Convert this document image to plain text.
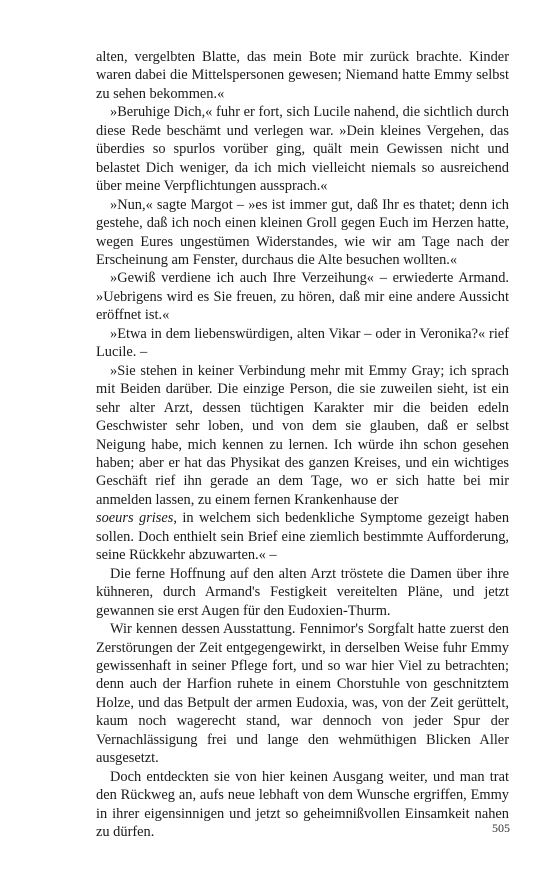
alten, vergelbten Blatte, das mein Bote mir zurück brachte. Kinder waren dabei die Mittelspersonen gewesen; Niemand hatte Emmy selbst zu sehen bekommen.«

»Beruhige Dich,« fuhr er fort, sich Lucile nahend, die sichtlich durch diese Rede beschämt und verlegen war. »Dein kleines Vergehen, das überdies so spurlos vorüber ging, quält mein Gewissen nicht und belastet Dich weniger, da ich mich vielleicht niemals so ausreichend über meine Verpflichtungen aussprach.«

»Nun,« sagte Margot – »es ist immer gut, daß Ihr es thatet; denn ich gestehe, daß ich noch einen kleinen Groll gegen Euch im Herzen hatte, wegen Eures ungestümen Widerstandes, wie wir am Tage nach der Erscheinung am Fenster, durchaus die Alte besuchen wollten.«

»Gewiß verdiene ich auch Ihre Verzeihung« – erwiederte Armand. »Uebrigens wird es Sie freuen, zu hören, daß mir eine andere Aussicht eröffnet ist.«

»Etwa in dem liebenswürdigen, alten Vikar – oder in Veronika?« rief Lucile. –

»Sie stehen in keiner Verbindung mehr mit Emmy Gray; ich sprach mit Beiden darüber. Die einzige Person, die sie zuweilen sieht, ist ein sehr alter Arzt, dessen tüchtigen Karakter mir die beiden edeln Geschwister sehr loben, und von dem sie glauben, daß er selbst Neigung habe, mich kennen zu lernen. Ich würde ihn schon gesehen haben; aber er hat das Physikat des ganzen Kreises, und ein wichtiges Geschäft rief ihn gerade an dem Tage, wo er sich hatte bei mir anmelden lassen, zu einem fernen Krankenhause der

soeurs grises, in welchem sich bedenkliche Symptome gezeigt haben sollen. Doch enthielt sein Brief eine ziemlich bestimmte Aufforderung, seine Rückkehr abzuwarten.« –

Die ferne Hoffnung auf den alten Arzt tröstete die Damen über ihre kühneren, durch Armand's Festigkeit vereitelten Pläne, und jetzt gewannen sie erst Augen für den Eudoxien-Thurm.

Wir kennen dessen Ausstattung. Fennimor's Sorgfalt hatte zuerst den Zerstörungen der Zeit entgegengewirkt, in derselben Weise fuhr Emmy gewissenhaft in seiner Pflege fort, und so war hier Viel zu betrachten; denn auch der Harfion ruhete in einem Chorstuhle von geschnitztem Holze, und das Betpult der armen Eudoxia, was, von der Zeit gerüttelt, kaum noch wagerecht stand, war dennoch von jeder Spur der Vernachlässigung frei und lange den wehmüthigen Blicken Aller ausgesetzt.

Doch entdeckten sie von hier keinen Ausgang weiter, und man trat den Rückweg an, aufs neue lebhaft von dem Wunsche ergriffen, Emmy in ihrer eigensinnigen und jetzt so geheimnißvollen Einsamkeit nahen zu dürfen.	505
